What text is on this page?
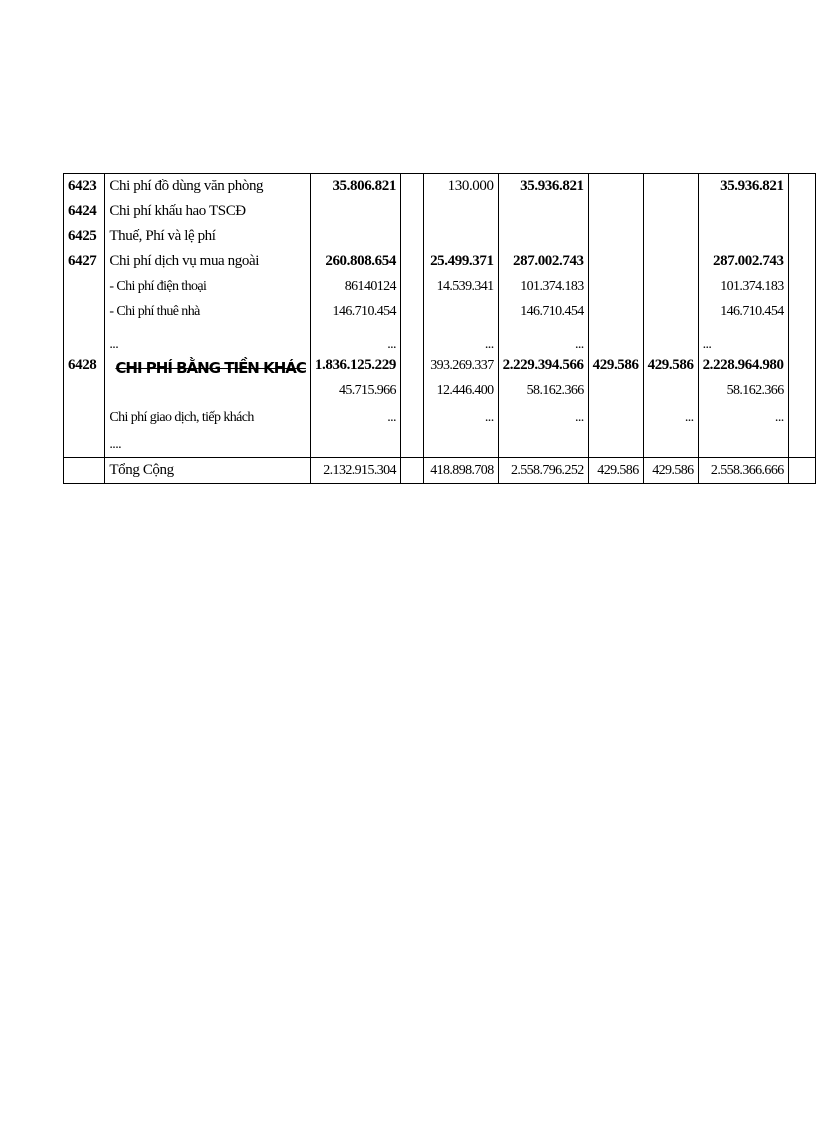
6423	Chi phí đồ dùng văn phòng	35.806.821		130.000	35.936.821			35.936.821	
6424	Chi phí khấu hao TSCĐ								
6425	Thuế, Phí và lệ phí								
6427	Chi phí dịch vụ mua ngoài	260.808.654		25.499.371	287.002.743			287.002.743	
	- Chi phí điện thoại	86140124		14.539.341	101.374.183			101.374.183	
	- Chi phí thuê nhà	146.710.454			146.710.454			146.710.454	
	...	...		...	...			...	
6428	CHI PHÍ BẰNG TIỀN KHÁC	1.836.125.229		393.269.337	2.229.394.566	429.586	429.586	2.228.964.980	
		45.715.966		12.446.400	58.162.366			58.162.366	
	Chi phí giao dịch, tiếp khách	...		...	...		...	...	
	....								
	Tổng Cộng	2.132.915.304		418.898.708	2.558.796.252	429.586	429.586	2.558.366.666	
